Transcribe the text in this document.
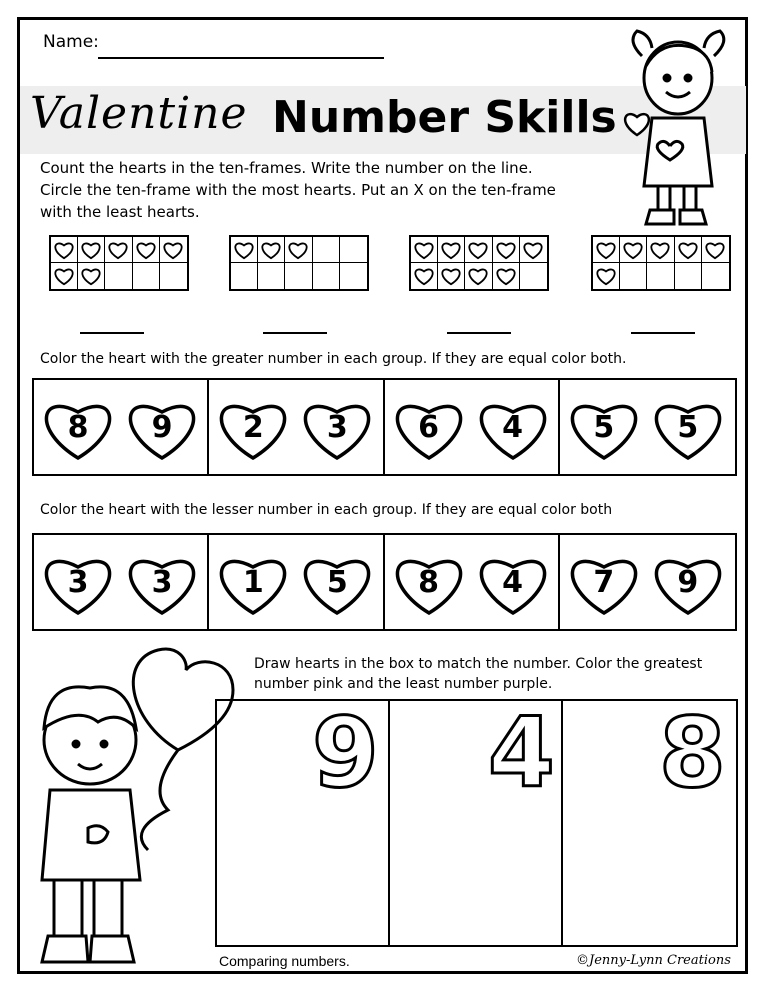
Name:
Valentine Number Skills
Count the hearts in the ten-frames. Write the number on the line. Circle the ten-frame with the most hearts. Put an X on the ten-frame with the least hearts.
Color the heart with the greater number in each group. If they are equal color both.
8	9	2	3	6	4	5	5
Color the heart with the lesser number in each group. If they are equal color both
3	3	1	5	8	4	7	9
Draw hearts in the box to match the number. Color the greatest number pink and the least number purple.
9 4 8
Comparing numbers.	©Jenny-Lynn Creations
